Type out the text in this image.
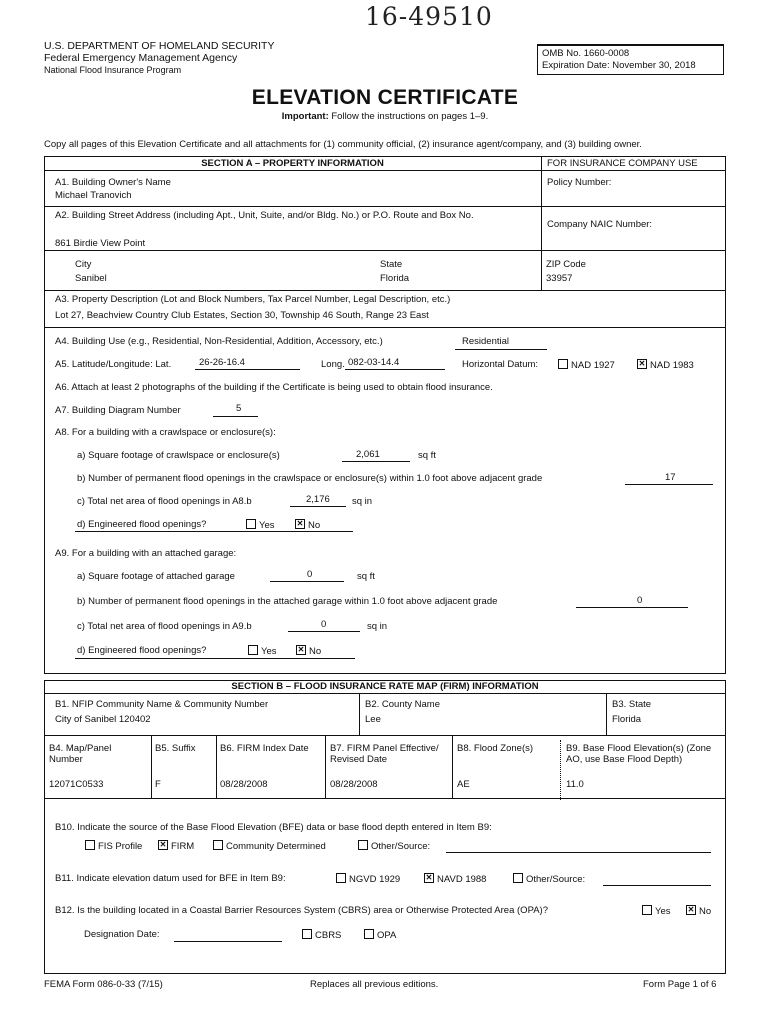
16-49510
U.S. DEPARTMENT OF HOMELAND SECURITY
Federal Emergency Management Agency
National Flood Insurance Program
OMB No. 1660-0008
Expiration Date: November 30, 2018
ELEVATION CERTIFICATE
Important: Follow the instructions on pages 1–9.
Copy all pages of this Elevation Certificate and all attachments for (1) community official, (2) insurance agent/company, and (3) building owner.
SECTION A – PROPERTY INFORMATION	FOR INSURANCE COMPANY USE
A1. Building Owner's Name
Michael Tranovich
Policy Number:
A2. Building Street Address (including Apt., Unit, Suite, and/or Bldg. No.) or P.O. Route and Box No.
861 Birdie View Point
Company NAIC Number:
City
Sanibel
State
Florida
ZIP Code
33957
A3. Property Description (Lot and Block Numbers, Tax Parcel Number, Legal Description, etc.)
Lot 27, Beachview Country Club Estates, Section 30, Township 46 South, Range 23 East
A4. Building Use (e.g., Residential, Non-Residential, Addition, Accessory, etc.)	Residential
A5. Latitude/Longitude: Lat.	26-26-16.4	Long. 082-03-14.4	Horizontal Datum:	NAD 1927 ✕	NAD 1983
A6. Attach at least 2 photographs of the building if the Certificate is being used to obtain flood insurance.
A7. Building Diagram Number	5
A8. For a building with a crawlspace or enclosure(s):
a) Square footage of crawlspace or enclosure(s)	2,061	sq ft
b) Number of permanent flood openings in the crawlspace or enclosure(s) within 1.0 foot above adjacent grade	17
c) Total net area of flood openings in A8.b	2,176 sq in
d) Engineered flood openings?	Yes ✕	No
A9. For a building with an attached garage:
a) Square footage of attached garage	0	sq ft
b) Number of permanent flood openings in the attached garage within 1.0 foot above adjacent grade	0
c) Total net area of flood openings in A9.b	0	sq in
d) Engineered flood openings?	Yes ✕	No
SECTION B – FLOOD INSURANCE RATE MAP (FIRM) INFORMATION
B1. NFIP Community Name & Community Number
City of Sanibel 120402
B2. County Name
Lee
B3. State
Florida
B4. Map/Panel Number
12071C0533
B5. Suffix
F
B6. FIRM Index Date
08/28/2008
B7. FIRM Panel Effective/ Revised Date
08/28/2008
B8. Flood Zone(s)
AE
B9. Base Flood Elevation(s) (Zone AO, use Base Flood Depth)
11.0
B10. Indicate the source of the Base Flood Elevation (BFE) data or base flood depth entered in Item B9:
FIS Profile ✕	FIRM	Community Determined	Other/Source:
B11. Indicate elevation datum used for BFE in Item B9:	NGVD 1929 ✕	NAVD 1988	Other/Source:
B12. Is the building located in a Coastal Barrier Resources System (CBRS) area or Otherwise Protected Area (OPA)?	Yes ✕	No
Designation Date:	CBRS	OPA
FEMA Form 086-0-33 (7/15)	Replaces all previous editions.	Form Page 1 of 6
